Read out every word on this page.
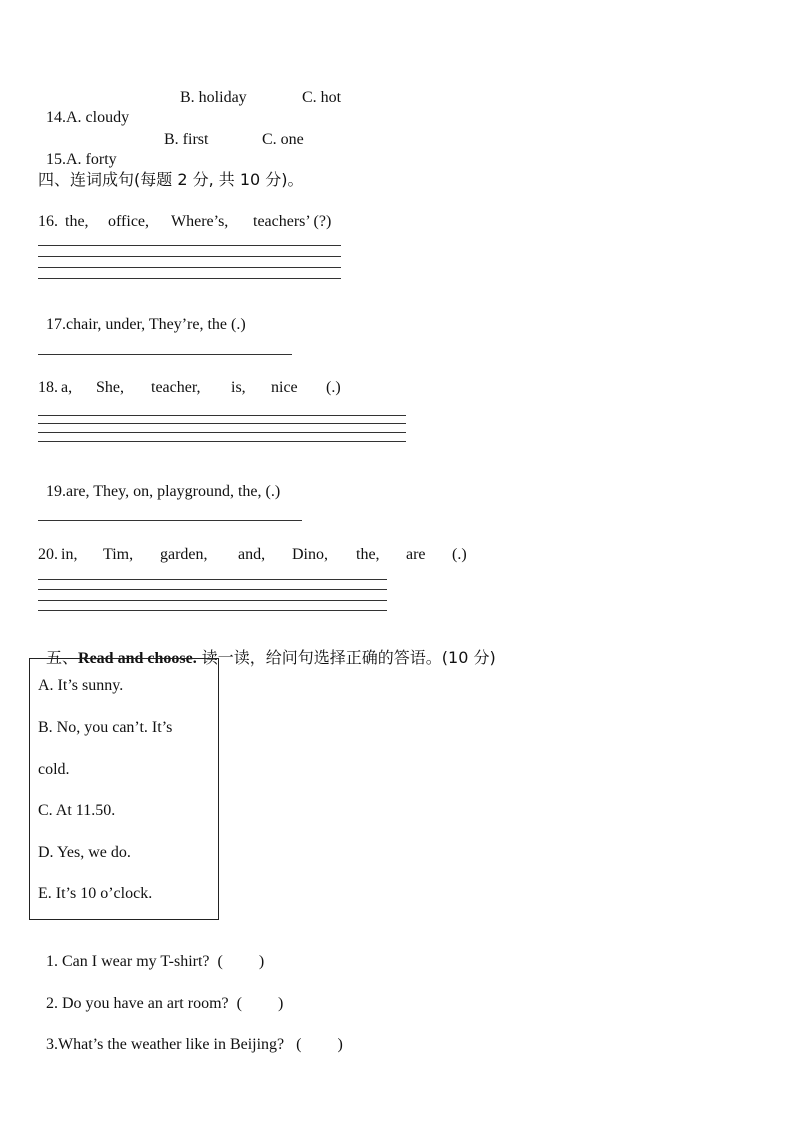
14.A. cloudy

B. holiday	C. hot

15.A. forty

B. first	C. one
四、连词成句(每题 2 分, 共 10 分)。
16. the, office, Where’s, teachers’ (?)

17.chair, under, They’re, the (.)

18. a, She, teacher, is, nice (.)

19.are, They, on, playground, the, (.)

20. in, Tim, garden, and, Dino, the, are (.)

五、Read and choose. 读一读，给问句选择正确的答语。(10 分)

A. It’s sunny.
B. No, you can’t. It’s
cold.
C. At 11.50.
D. Yes, we do.
E. It’s 10 o’clock.

1. Can I wear my T-shirt? ( )

2. Do you have an art room? ( )

3.What’s the weather like in Beijing? ( )
